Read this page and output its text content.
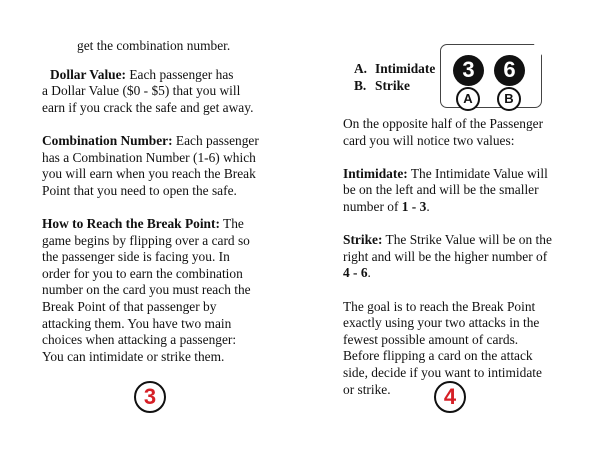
get the combination number.

Dollar Value: Each passenger has
a Dollar Value ($0 - $5) that you will
earn if you crack the safe and get away.
Combination Number: Each passenger
has a Combination Number (1-6) which
you will earn when you reach the Break
Point that you need to open the safe.
How to Reach the Break Point: The
game begins by flipping over a card so
the passenger side is facing you. In
order for you to earn the combination
number on the card you must reach the
Break Point of that passenger by
attacking them. You have two main
choices when attacking a passenger:
You can intimidate or strike them.
3
A. Intimidate
B. Strike
3	6
A	B
On the opposite half of the Passenger
card you will notice two values:
Intimidate: The Intimidate Value will
be on the left and will be the smaller
number of 1 - 3.
Strike: The Strike Value will be on the
right and will be the higher number of
4 - 6.
The goal is to reach the Break Point
exactly using your two attacks in the
fewest possible amount of cards.
Before flipping a card on the attack
side, decide if you want to intimidate
or strike.	4
